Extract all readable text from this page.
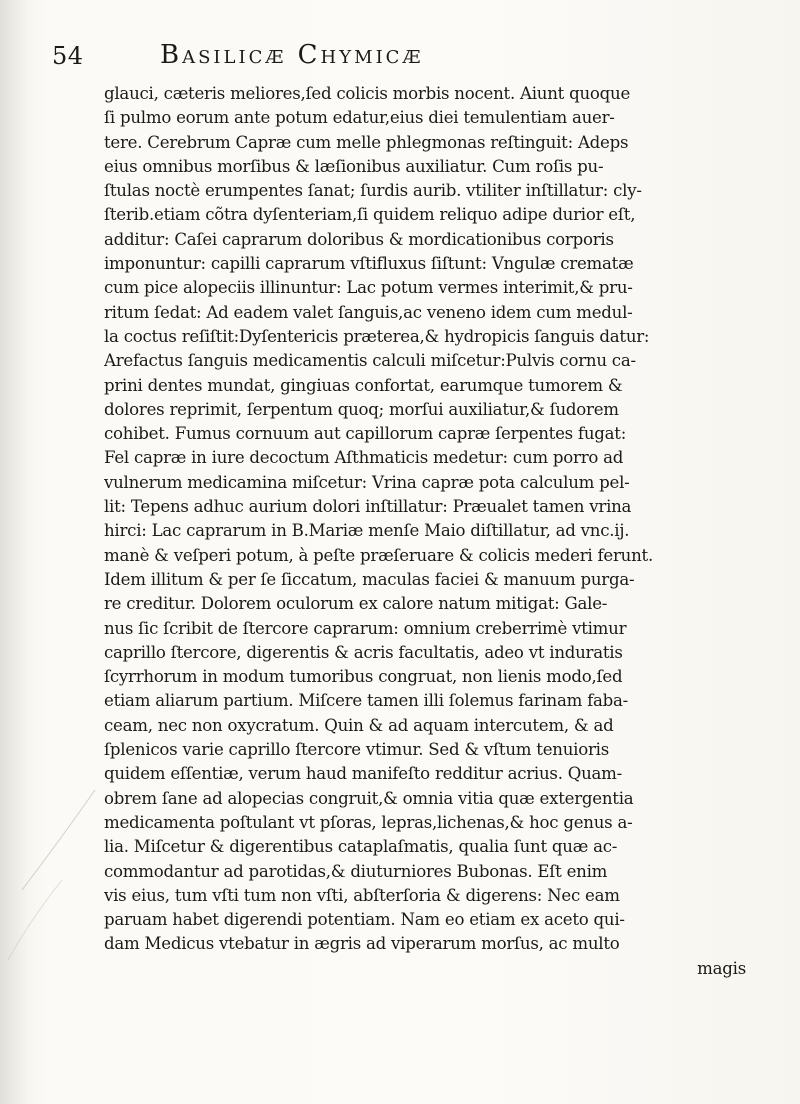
54	Basilicæ Chymicæ
glauci, cæteris meliores,ſed colicis morbis nocent. Aiunt quoque
ſi pulmo eorum ante potum edatur,eius diei temulentiam auer-
tere. Cerebrum Capræ cum melle phlegmonas reſtinguit: Adeps
eius omnibus morſibus & læſionibus auxiliatur. Cum roſis pu-
ſtulas noctè erumpentes ſanat; ſurdis aurib. vtiliter inſtillatur: cly-
ſterib.etiam cõtra dyſenteriam,ſi quidem reliquo adipe durior eſt,
additur: Caſei caprarum doloribus & mordicationibus corporis
imponuntur: capilli caprarum vſtifluxus ſiſtunt: Vngulæ crematæ
cum pice alopeciis illinuntur: Lac potum vermes interimit,& pru-
ritum ſedat: Ad eadem valet ſanguis,ac veneno idem cum medul-
la coctus reſiſtit:Dyſentericis præterea,& hydropicis ſanguis datur:
Arefactus ſanguis medicamentis calculi miſcetur:Pulvis cornu ca-
prini dentes mundat, gingiuas confortat, earumque tumorem &
dolores reprimit, ſerpentum quoq; morſui auxiliatur,& ſudorem
cohibet. Fumus cornuum aut capillorum capræ ſerpentes fugat:
Fel capræ in iure decoctum Aſthmaticis medetur: cum porro ad
vulnerum medicamina miſcetur: Vrina capræ pota calculum pel-
lit: Tepens adhuc aurium dolori inſtillatur: Præualet tamen vrina
hirci: Lac caprarum in B.Mariæ menſe Maio diſtillatur, ad vnc.ij.
manè & veſperi potum, à peſte præſeruare & colicis mederi ferunt.
Idem illitum & per ſe ſiccatum, maculas faciei & manuum purga-
re creditur. Dolorem oculorum ex calore natum mitigat: Gale-
nus ſic ſcribit de ſtercore caprarum: omnium creberrimè vtimur
caprillo ſtercore, digerentis & acris facultatis, adeo vt induratis
ſcyrrhorum in modum tumoribus congruat, non lienis modo,ſed
etiam aliarum partium. Miſcere tamen illi ſolemus farinam faba-
ceam, nec non oxycratum. Quin & ad aquam intercutem, & ad
ſplenicos varie caprillo ſtercore vtimur. Sed & vſtum tenuioris
quidem eſſentiæ, verum haud manifeſto redditur acrius. Quam-
obrem ſane ad alopecias congruit,& omnia vitia quæ extergentia
medicamenta poſtulant vt pſoras, lepras,lichenas,& hoc genus a-
lia. Miſcetur & digerentibus cataplaſmatis, qualia ſunt quæ ac-
commodantur ad parotidas,& diuturniores Bubonas. Eſt enim
vis eius, tum vſti tum non vſti, abſterſoria & digerens: Nec eam
paruam habet digerendi potentiam. Nam eo etiam ex aceto qui-
dam Medicus vtebatur in ægris ad viperarum morſus, ac multo
magis
